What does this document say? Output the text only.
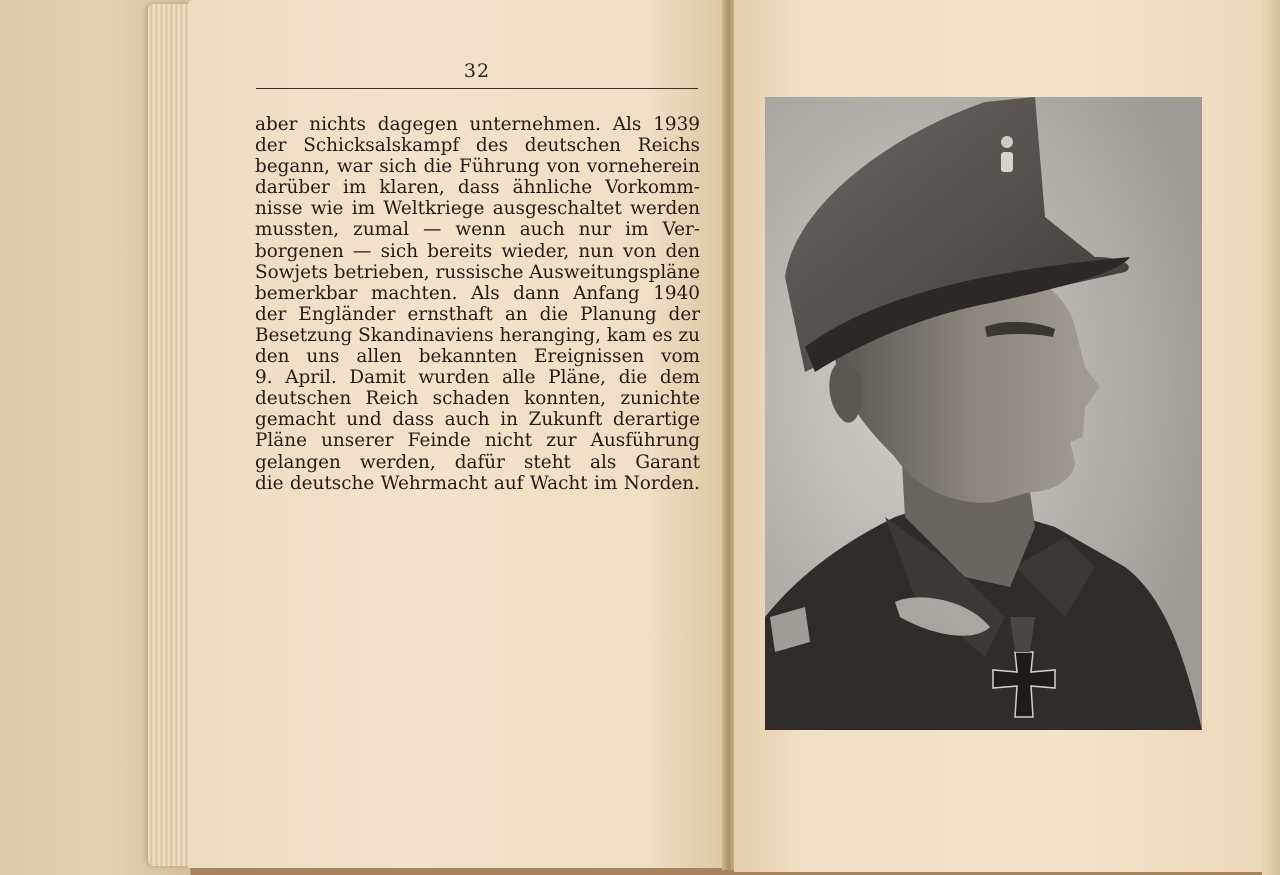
32
aber nichts dagegen unternehmen. Als 1939
der Schicksalskampf des deutschen Reichs
begann, war sich die Führung von vorneherein
darüber im klaren, dass ähnliche Vorkomm-
nisse wie im Weltkriege ausgeschaltet werden
mussten, zumal — wenn auch nur im Ver-
borgenen — sich bereits wieder, nun von den
Sowjets betrieben, russische Ausweitungspläne
bemerkbar machten. Als dann Anfang 1940
der Engländer ernsthaft an die Planung der
Besetzung Skandinaviens heranging, kam es zu
den uns allen bekannten Ereignissen vom
9. April. Damit wurden alle Pläne, die dem
deutschen Reich schaden konnten, zunichte
gemacht und dass auch in Zukunft derartige
Pläne unserer Feinde nicht zur Ausführung
gelangen werden, dafür steht als Garant
die deutsche Wehrmacht auf Wacht im Norden.
